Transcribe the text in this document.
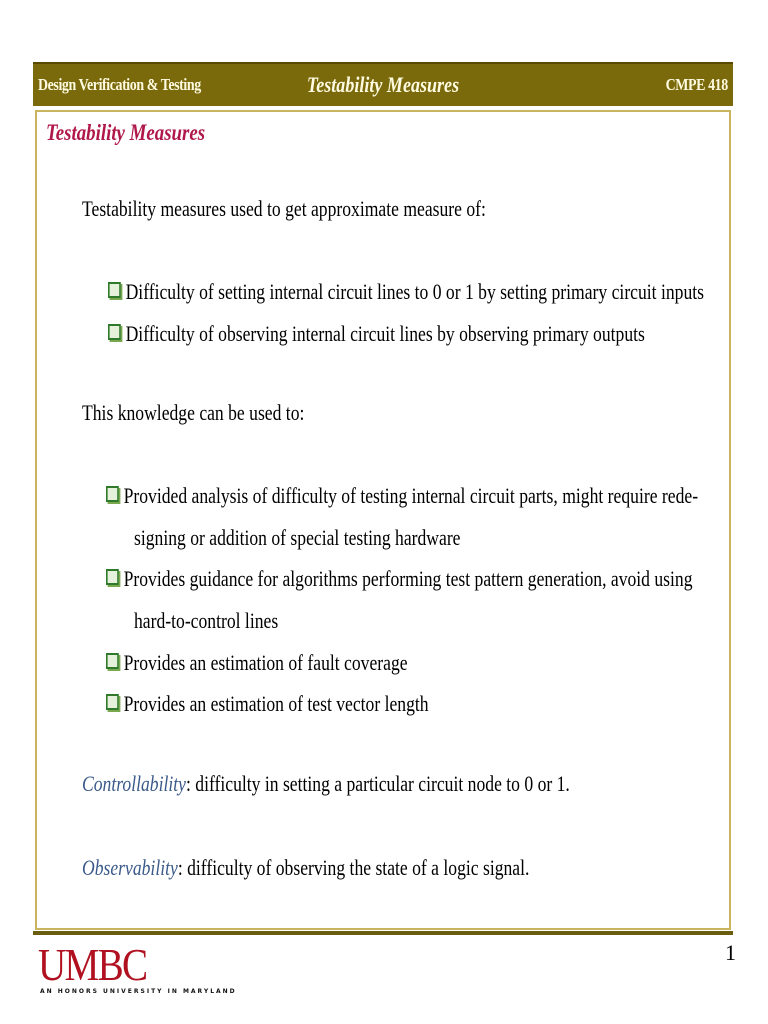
Design Verification & Testing	Testability Measures	CMPE 418
Testability Measures
Testability measures used to get approximate measure of:
Difficulty of setting internal circuit lines to 0 or 1 by setting primary circuit inputs
Difficulty of observing internal circuit lines by observing primary outputs
This knowledge can be used to:
Provided analysis of difficulty of testing internal circuit parts, might require rede-
signing or addition of special testing hardware
Provides guidance for algorithms performing test pattern generation, avoid using
hard-to-control lines
Provides an estimation of fault coverage
Provides an estimation of test vector length
Controllability: difficulty in setting a particular circuit node to 0 or 1.
Observability: difficulty of observing the state of a logic signal.
UMBC
AN HONORS UNIVERSITY IN MARYLAND
1
